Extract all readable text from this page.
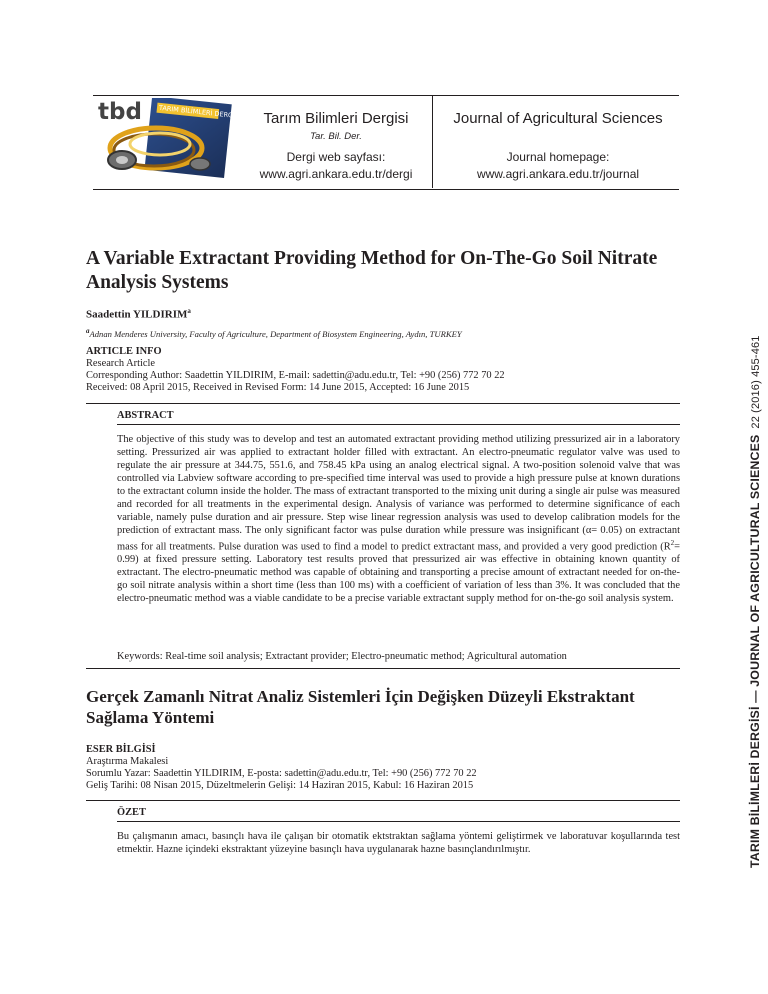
tbd	TARIM BİLİMLERİ DERGİSİ	Tarım Bilimleri Dergisi
Tar. Bil. Der.
Dergi web sayfası:
www.agri.ankara.edu.tr/dergi
Journal of Agricultural Sciences
Journal homepage:
www.agri.ankara.edu.tr/journal
TARIM BİLİMLERİ DERGİSİ — JOURNAL OF AGRICULTURAL SCIENCES22 (2016) 455-461
A Variable Extractant Providing Method for On-The-Go Soil Nitrate Analysis Systems
Saadettin YILDIRIM$^a$
$^a$Adnan Menderes University, Faculty of Agriculture, Department of Biosystem Engineering, Aydın, TURKEY
ARTICLE INFO
Research Article
Corresponding Author: Saadettin YILDIRIM, E-mail: sadettin@adu.edu.tr, Tel: +90 (256) 772 70 22
Received: 08 April 2015, Received in Revised Form: 14 June 2015, Accepted: 16 June 2015
ABSTRACT
The objective of this study was to develop and test an automated extractant providing method utilizing pressurized air in a laboratory setting. Pressurized air was applied to extractant holder filled with extractant. An electro-pneumatic regulator valve was used to regulate the air pressure at 344.75, 551.6, and 758.45 kPa using an analog electrical signal. A two-position solenoid valve that was controlled via Labview software according to pre-specified time interval was used to provide a high pressure pulse at known durations to the extractant column inside the holder. The mass of extractant transported to the mixing unit during a single air pulse was measured and recorded for all treatments in the experimental design. Analysis of variance was performed to determine significance of each variable, namely pulse duration and air pressure. Step wise linear regression analysis was used to develop calibration models for the prediction of extractant mass. The only significant factor was pulse duration while pressure was insignificant (α= 0.05) on extractant mass for all treatments. Pulse duration was used to find a model to predict extractant mass, and provided a very good prediction $(R^2= 0.99)$ at fixed pressure setting. Laboratory test results proved that pressurized air was effective in obtaining known quantity of extractant. The electro-pneumatic method was capable of obtaining and transporting a precise amount of extractant needed for on-the-go soil nitrate analysis within a short time (less than 100 ms) with a coefficient of variation of less than 3%. It was concluded that the electro-pneumatic method was a viable candidate to be a precise variable extractant supply method for on-the-go soil analysis system.
Keywords: Real-time soil analysis; Extractant provider; Electro-pneumatic method; Agricultural automation
Gerçek Zamanlı Nitrat Analiz Sistemleri İçin Değişken Düzeyli Ekstraktant Sağlama Yöntemi
ESER BİLGİSİ
Araştırma Makalesi
Sorumlu Yazar: Saadettin YILDIRIM, E-posta: sadettin@adu.edu.tr, Tel: +90 (256) 772 70 22
Geliş Tarihi: 08 Nisan 2015, Düzeltmelerin Gelişi: 14 Haziran 2015, Kabul: 16 Haziran 2015
ÖZET
Bu çalışmanın amacı, basınçlı hava ile çalışan bir otomatik ektstraktan sağlama yöntemi geliştirmek ve laboratuvar koşullarında test etmektir. Hazne içindeki ekstraktant yüzeyine basınçlı hava uygulanarak hazne basınçlandırılmıştır.
